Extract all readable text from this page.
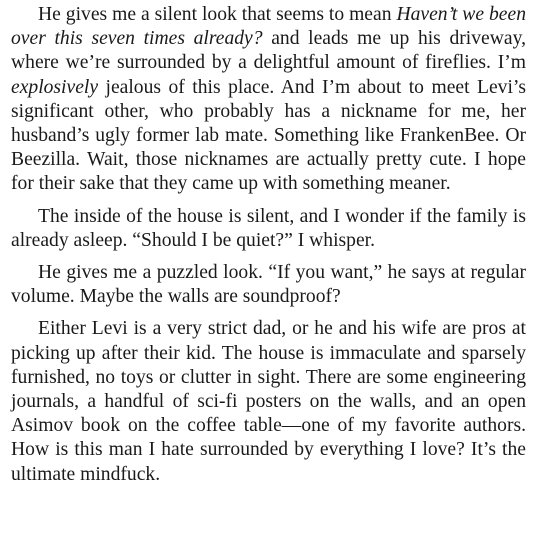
He gives me a silent look that seems to mean Haven’t we been over this seven times already? and leads me up his driveway, where we’re surrounded by a delightful amount of fireflies. I’m explosively jealous of this place. And I’m about to meet Levi’s significant other, who probably has a nickname for me, her husband’s ugly former lab mate. Something like FrankenBee. Or Beezilla. Wait, those nicknames are actually pretty cute. I hope for their sake that they came up with something meaner.

The inside of the house is silent, and I wonder if the family is already asleep. “Should I be quiet?” I whisper.

He gives me a puzzled look. “If you want,” he says at regular volume. Maybe the walls are soundproof?

Either Levi is a very strict dad, or he and his wife are pros at picking up after their kid. The house is immaculate and sparsely furnished, no toys or clutter in sight. There are some engineering journals, a handful of sci-fi posters on the walls, and an open Asimov book on the coffee table—one of my favorite authors. How is this man I hate surrounded by everything I love? It’s the ultimate mindfuck.
